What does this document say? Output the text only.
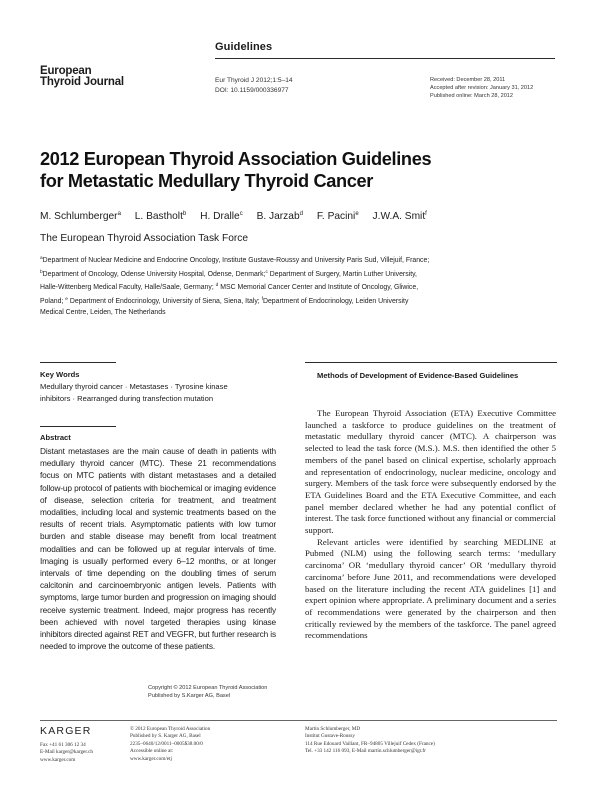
Guidelines
European
Thyroid Journal	Eur Thyroid J 2012;1:5–14
DOI: 10.1159/000336977
Received: December 28, 2011
Accepted after revision: January 31, 2012
Published online: March 28, 2012
2012 European Thyroid Association Guidelines
for Metastatic Medullary Thyroid Cancer
M. Schlumberger$^a$ L. Bastholt$^b$ H. Dralle$^c$ B. Jarzab$^d$ F. Pacini$^e$ J.W.A. Smit$^f$
The European Thyroid Association Task Force
$^a$Department of Nuclear Medicine and Endocrine Oncology, Institute Gustave-Roussy and University Paris Sud, Villejuif, France;
$^b$Department of Oncology, Odense University Hospital, Odense, Denmark;$^c$ Department of Surgery, Martin Luther University,
Halle-Wittenberg Medical Faculty, Halle/Saale, Germany; $^d$ MSC Memorial Cancer Center and Institute of Oncology, Gliwice,
Poland; $^e$ Department of Endocrinology, University of Siena, Siena, Italy; $^f$Department of Endocrinology, Leiden University
Medical Centre, Leiden, The Netherlands
Key Words
Medullary thyroid cancer · Metastases · Tyrosine kinase
inhibitors · Rearranged during transfection mutation
Abstract
Distant metastases are the main cause of death in patients with medullary thyroid cancer (MTC). These 21 recommendations focus on MTC patients with distant metastases and a detailed follow-up protocol of patients with biochemical or imaging evidence of disease, selection criteria for treatment, and treatment modalities, including local and systemic treatments based on the results of recent trials. Asymptomatic patients with low tumor burden and stable disease may benefit from local treatment modalities and can be followed up at regular intervals of time. Imaging is usually performed every 6–12 months, or at longer intervals of time depending on the doubling times of serum calcitonin and carcinoembryonic antigen levels. Patients with symptoms, large tumor burden and progression on imaging should receive systemic treatment. Indeed, major progress has recently been achieved with novel targeted therapies using kinase inhibitors directed against RET and VEGFR, but further research is needed to improve the outcome of these patients.
Copyright © 2012 European Thyroid Association
Published by S.Karger AG, Basel
Methods of Development of Evidence-Based Guidelines

The European Thyroid Association (ETA) Executive Committee launched a taskforce to produce guidelines on the treatment of metastatic medullary thyroid cancer (MTC). A chairperson was selected to lead the task force (M.S.). M.S. then identified the other 5 members of the panel based on clinical expertise, scholarly approach and representation of endocrinology, nuclear medicine, oncology and surgery. Members of the task force were subsequently endorsed by the ETA Guidelines Board and the ETA Executive Committee, and each panel member declared whether he had any potential conflict of interest. The task force functioned without any financial or commercial support.

Relevant articles were identified by searching MEDLINE at Pubmed (NLM) using the following search terms: ‘medullary carcinoma’ OR ‘medullary thyroid cancer’ OR ‘medullary thyroid carcinoma’ before June 2011, and recommendations were developed based on the literature including the recent ATA guidelines [1] and expert opinion where appropriate. A preliminary document and a series of recommendations were generated by the chairperson and then critically reviewed by the members of the taskforce. The panel agreed recommendations

KARGER
Fax +41 61 306 12 34
E-Mail karger@karger.ch
www.karger.com
© 2012 European Thyroid Association
Published by S. Karger AG, Basel
2235–0640/12/0011–0005$38.00/0
Accessible online at:
www.karger.com/etj
Martin Schlumberger, MD
Institut Gustave-Roussy
114 Rue Edouard Vaillant, FR–94805 Villejuif Cedex (France)
Tel. +33 142 116 093, E-Mail martin.schlumberger@igr.fr
